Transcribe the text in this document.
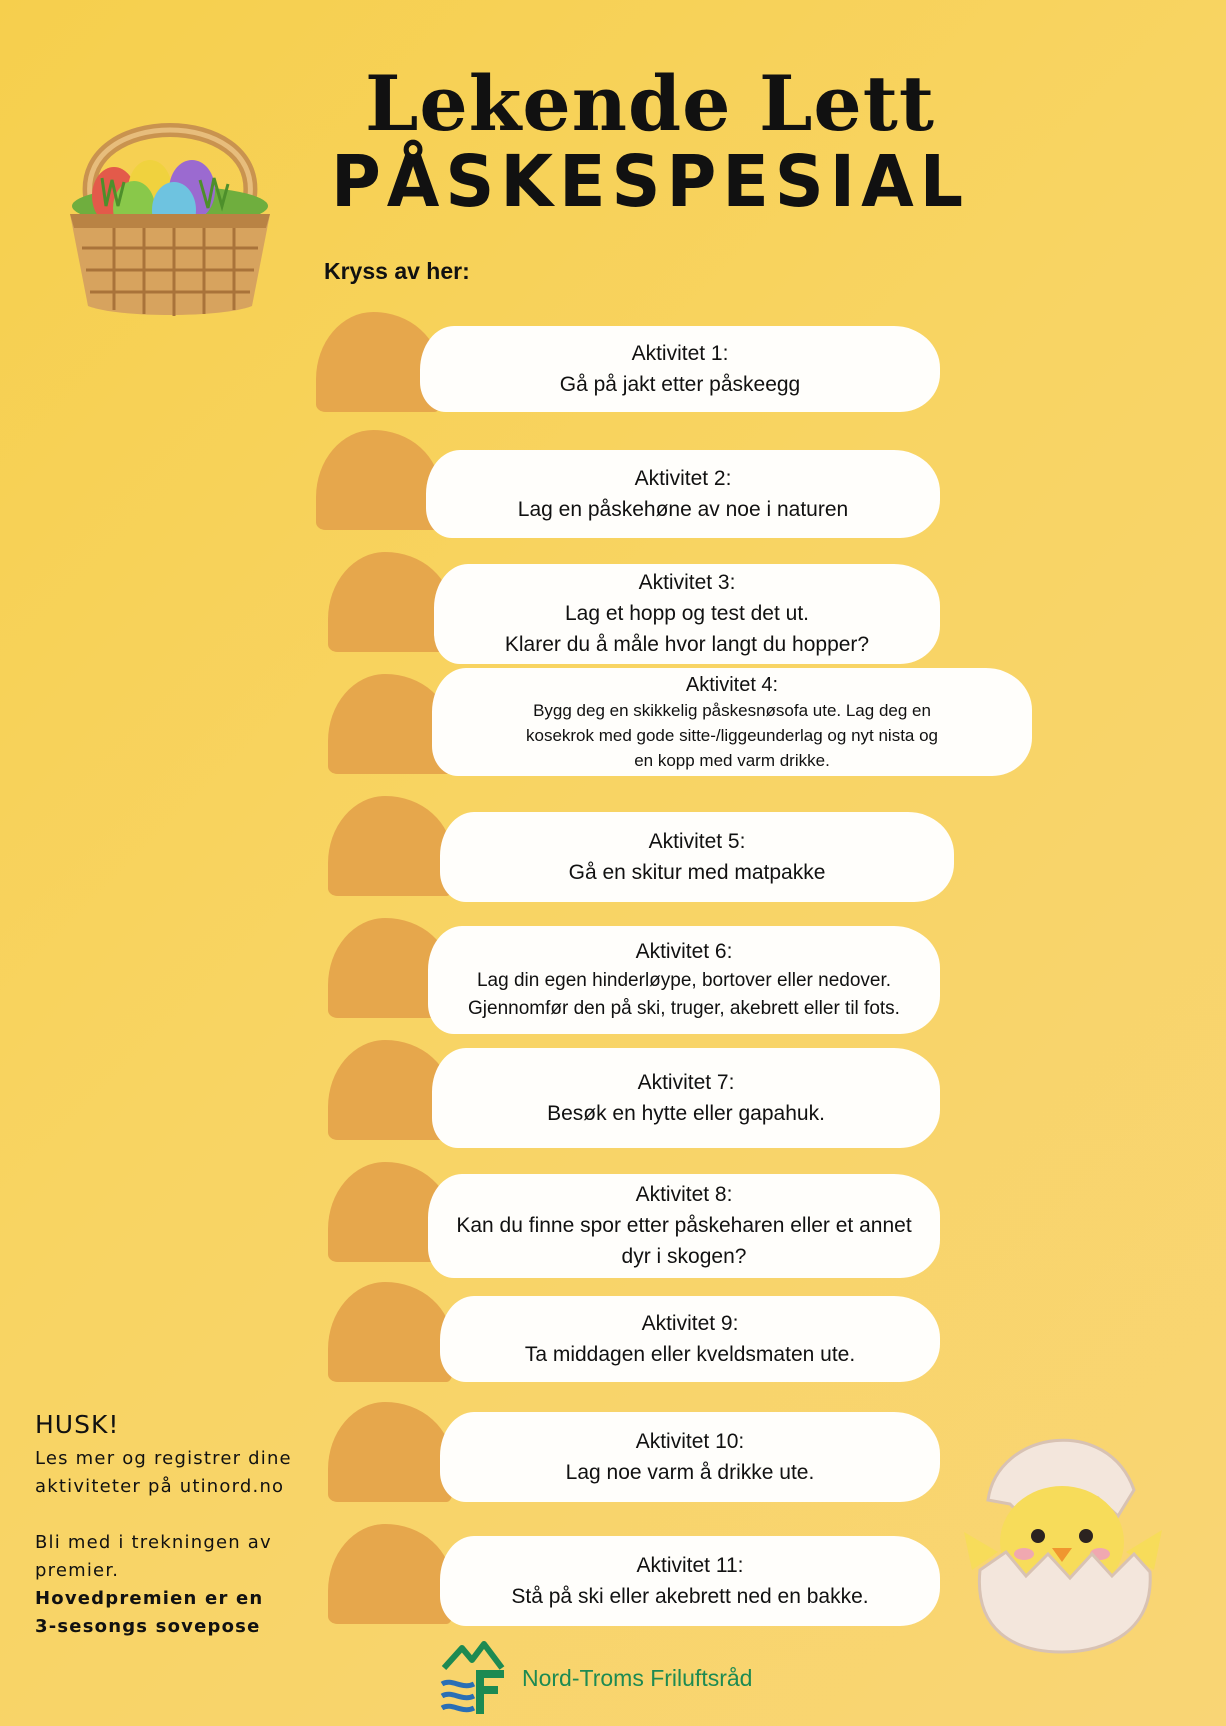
Lekende Lett
PÅSKESPESIAL
Kryss av her:
Aktivitet 1:
Gå på jakt etter påskeegg
Aktivitet 2:
Lag en påskehøne av noe i naturen
Aktivitet 3:
Lag et hopp og test det ut.
Klarer du å måle hvor langt du hopper?
Aktivitet 4:
Bygg deg en skikkelig påskesnøsofa ute. Lag deg en
kosekrok med gode sitte-/liggeunderlag og nyt nista og
en kopp med varm drikke.
Aktivitet 5:
Gå en skitur med matpakke
Aktivitet 6:
Lag din egen hinderløype, bortover eller nedover.
Gjennomfør den på ski, truger, akebrett eller til fots.
Aktivitet 7:
Besøk en hytte eller gapahuk.
Aktivitet 8:
Kan du finne spor etter påskeharen eller et annet
dyr i skogen?
Aktivitet 9:
Ta middagen eller kveldsmaten ute.
Aktivitet 10:
Lag noe varm å drikke ute.
Aktivitet 11:
Stå på ski eller akebrett ned en bakke.
HUSK!

Les mer og registrer dine

aktiviteter på utinord.no

Bli med i trekningen av

premier.

Hovedpremien er en

3-sesongs sovepose

Nord-Troms Friluftsråd
